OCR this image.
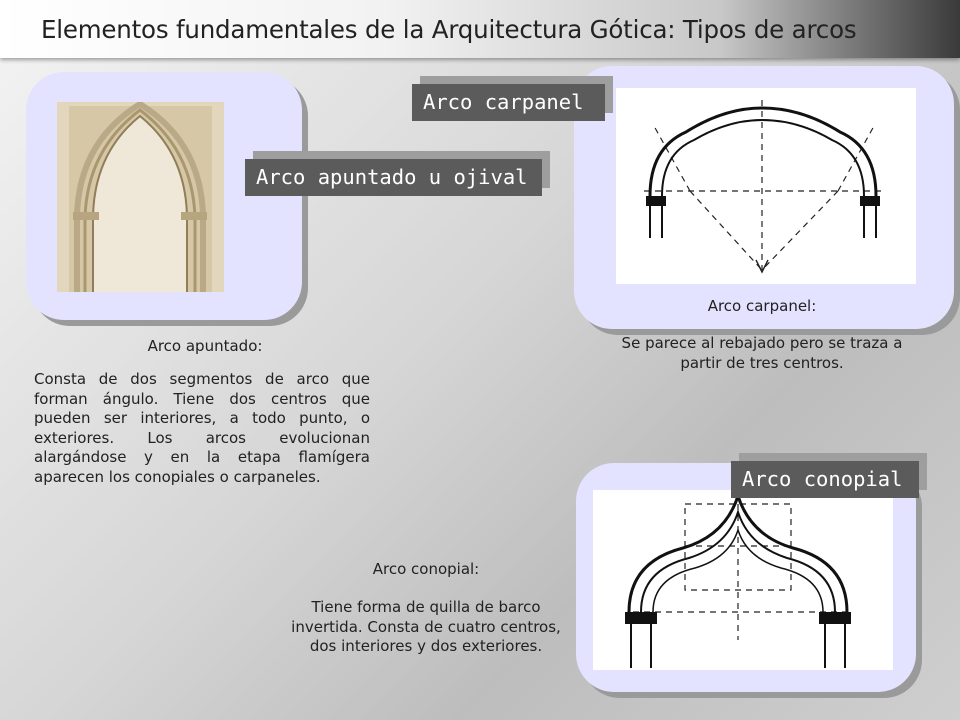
Elementos fundamentales de la Arquitectura Gótica: Tipos de arcos
Arco apuntado u ojival
Arco apuntado:
Consta de dos segmentos de arco que forman ángulo. Tiene dos centros que pueden ser interiores, a todo punto, o exteriores. Los arcos evolucionan alargándose y en la etapa flamígera aparecen los conopiales o carpaneles.
Arco carpanel
Arco carpanel:
Se parece al rebajado pero se traza a partir de tres centros.
Arco conopial
Arco conopial:
Tiene forma de quilla de barco invertida. Consta de cuatro centros, dos interiores y dos exteriores.
